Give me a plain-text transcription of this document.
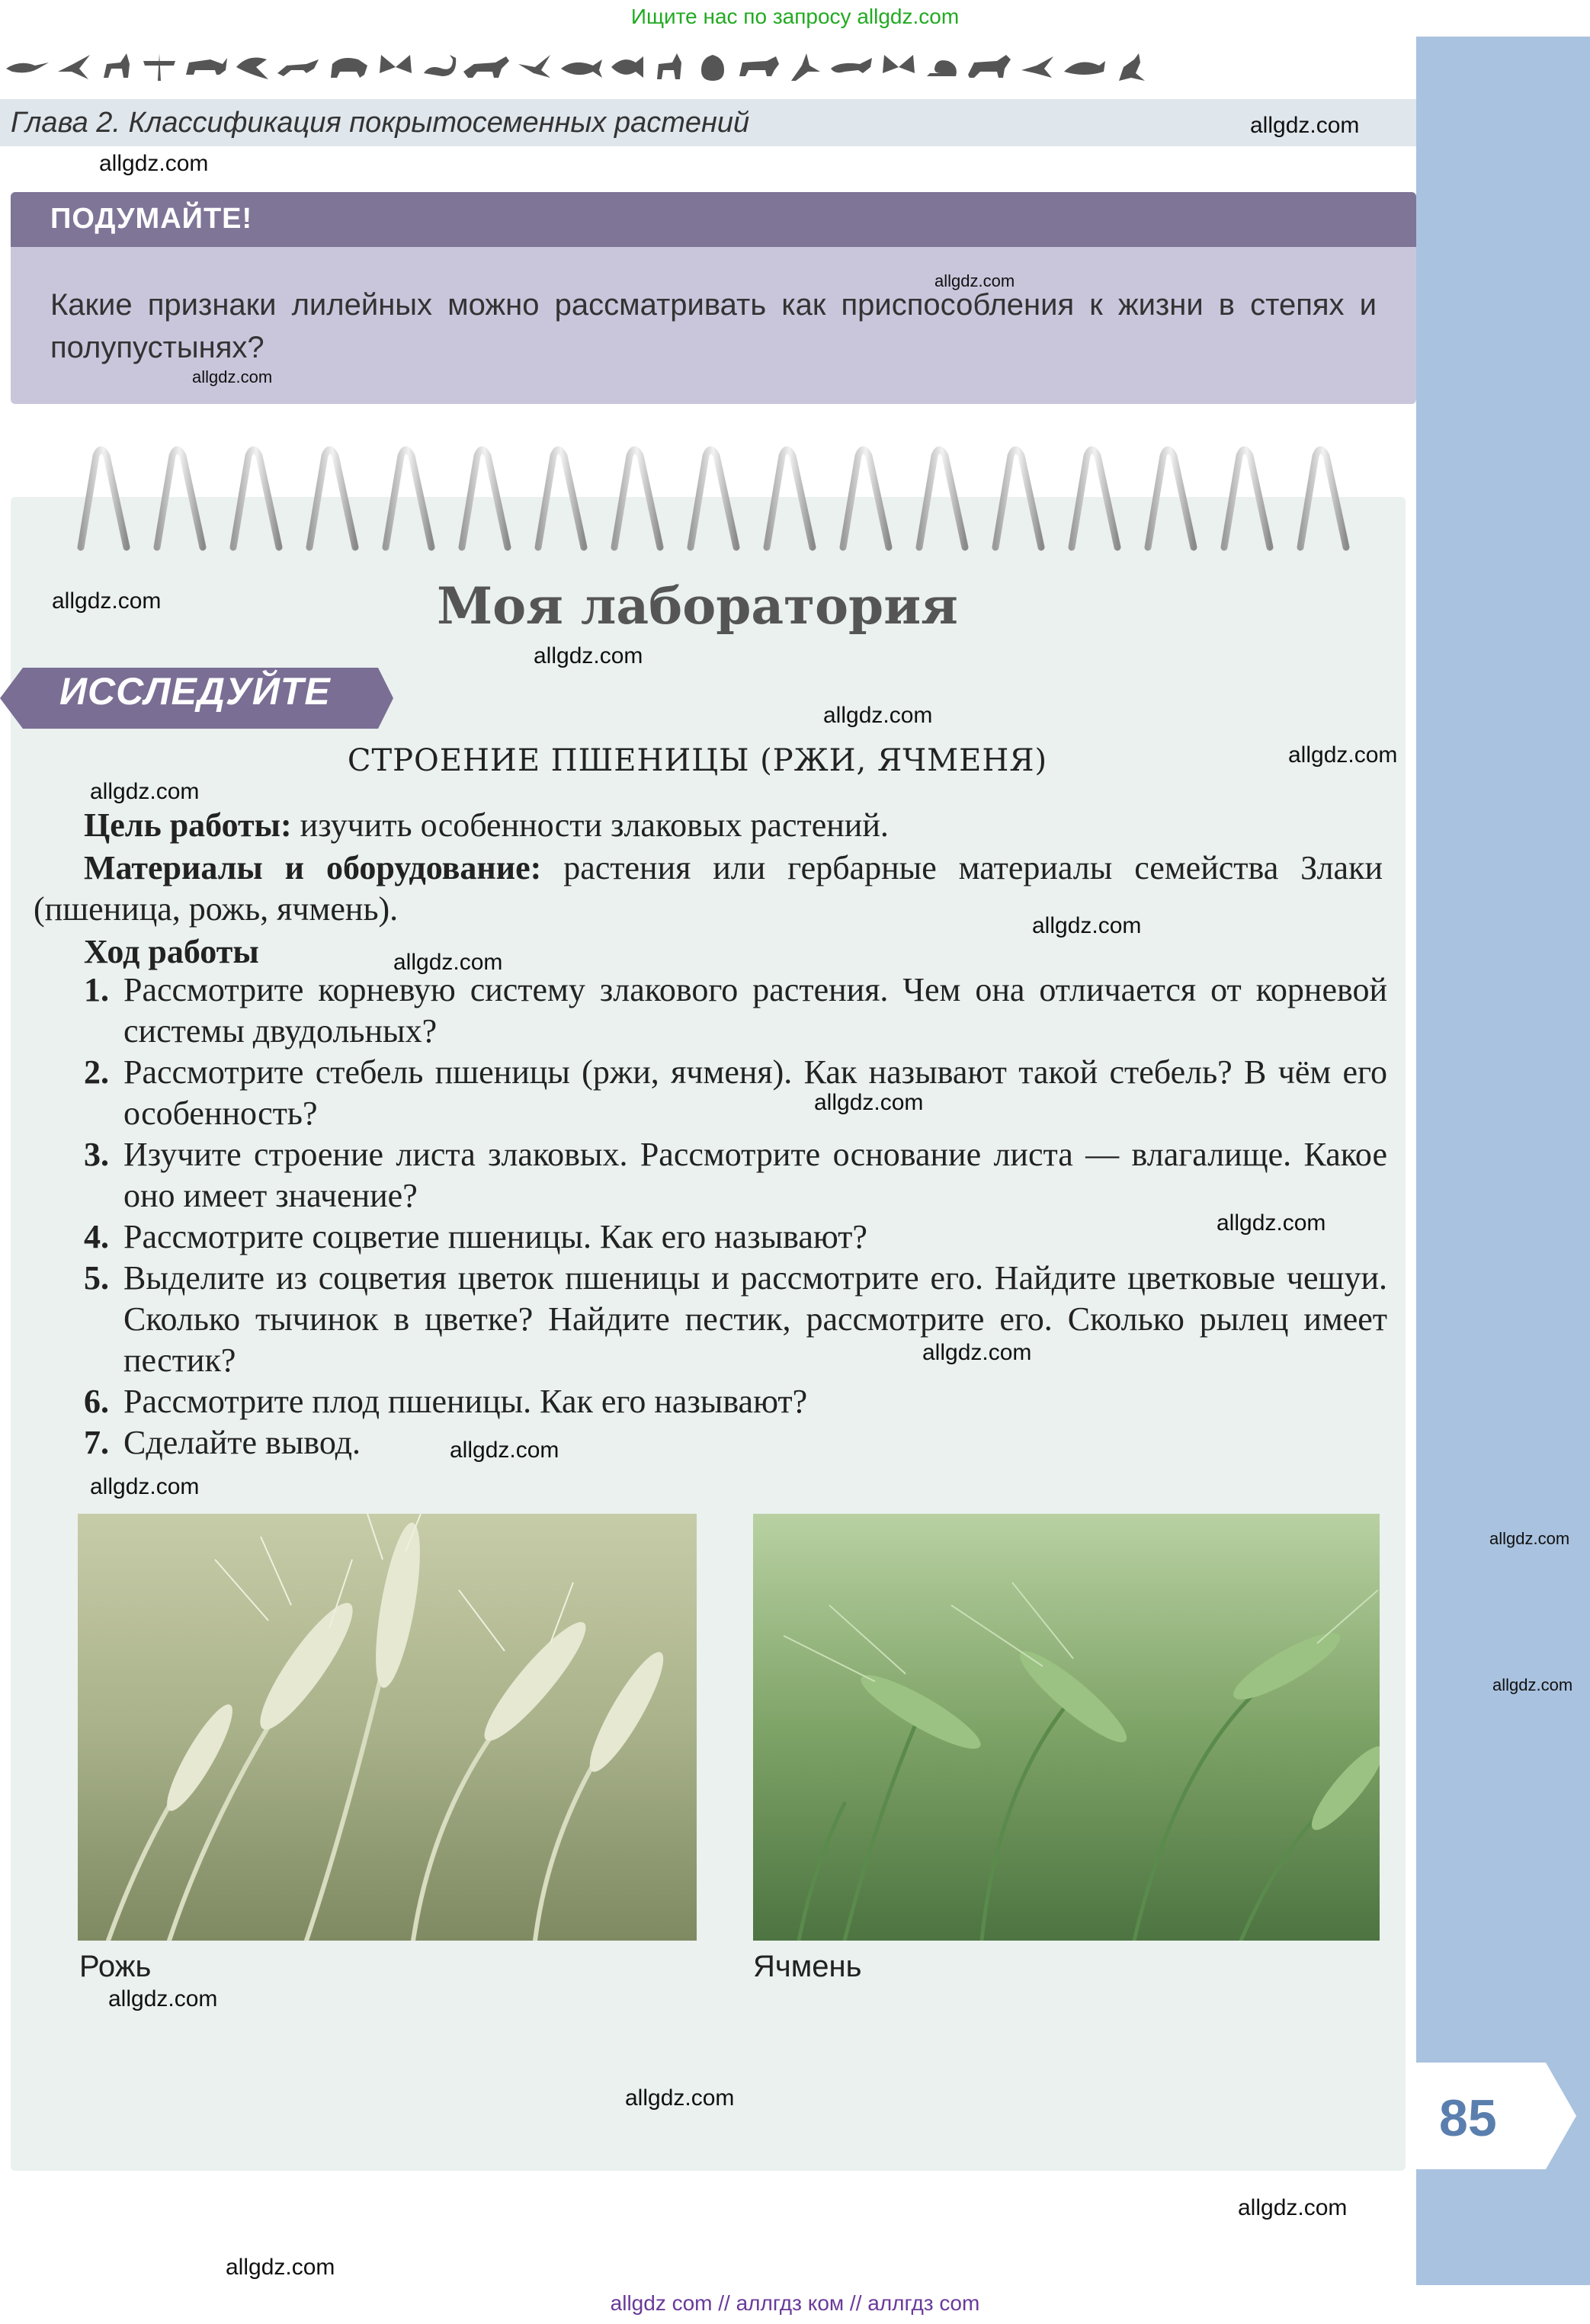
Ищите нас по запросу allgdz.com
Глава 2. Классификация покрытосеменных растений
ПОДУМАЙТЕ!
Какие признаки лилейных можно рассматривать как приспособления к жизни в степях и полупустынях?
Моя лаборатория
ИССЛЕДУЙТЕ
СТРОЕНИЕ ПШЕНИЦЫ (РЖИ, ЯЧМЕНЯ)
Цель работы: изучить особенности злаковых растений.
Материалы и оборудование: растения или гербарные материалы семейства Злаки (пшеница, рожь, ячмень).
Ход работы
1. Рассмотрите корневую систему злакового растения. Чем она отличается от корневой системы двудольных?
2. Рассмотрите стебель пшеницы (ржи, ячменя). Как называют такой стебель? В чём его особенность?
3. Изучите строение листа злаковых. Рассмотрите основание листа — влагалище. Какое оно имеет значение?
4. Рассмотрите соцветие пшеницы. Как его называют?
5. Выделите из соцветия цветок пшеницы и рассмотрите его. Найдите цветковые чешуи. Сколько тычинок в цветке? Найдите пестик, рассмотрите его. Сколько рылец имеет пестик?
6. Рассмотрите плод пшеницы. Как его называют?
7. Сделайте вывод.
Рожь	Ячмень
85
allgdz.com
allgdz.com
allgdz.com
allgdz.com
allgdz.com
allgdz.com
allgdz.com
allgdz.com
allgdz.com
allgdz.com
allgdz.com
allgdz.com
allgdz.com
allgdz.com
allgdz.com
allgdz.com
allgdz.com
allgdz.com
allgdz.com
allgdz.com
allgdz.com
allgdz.com
allgdz com // аллгдз ком // аллгдз com
